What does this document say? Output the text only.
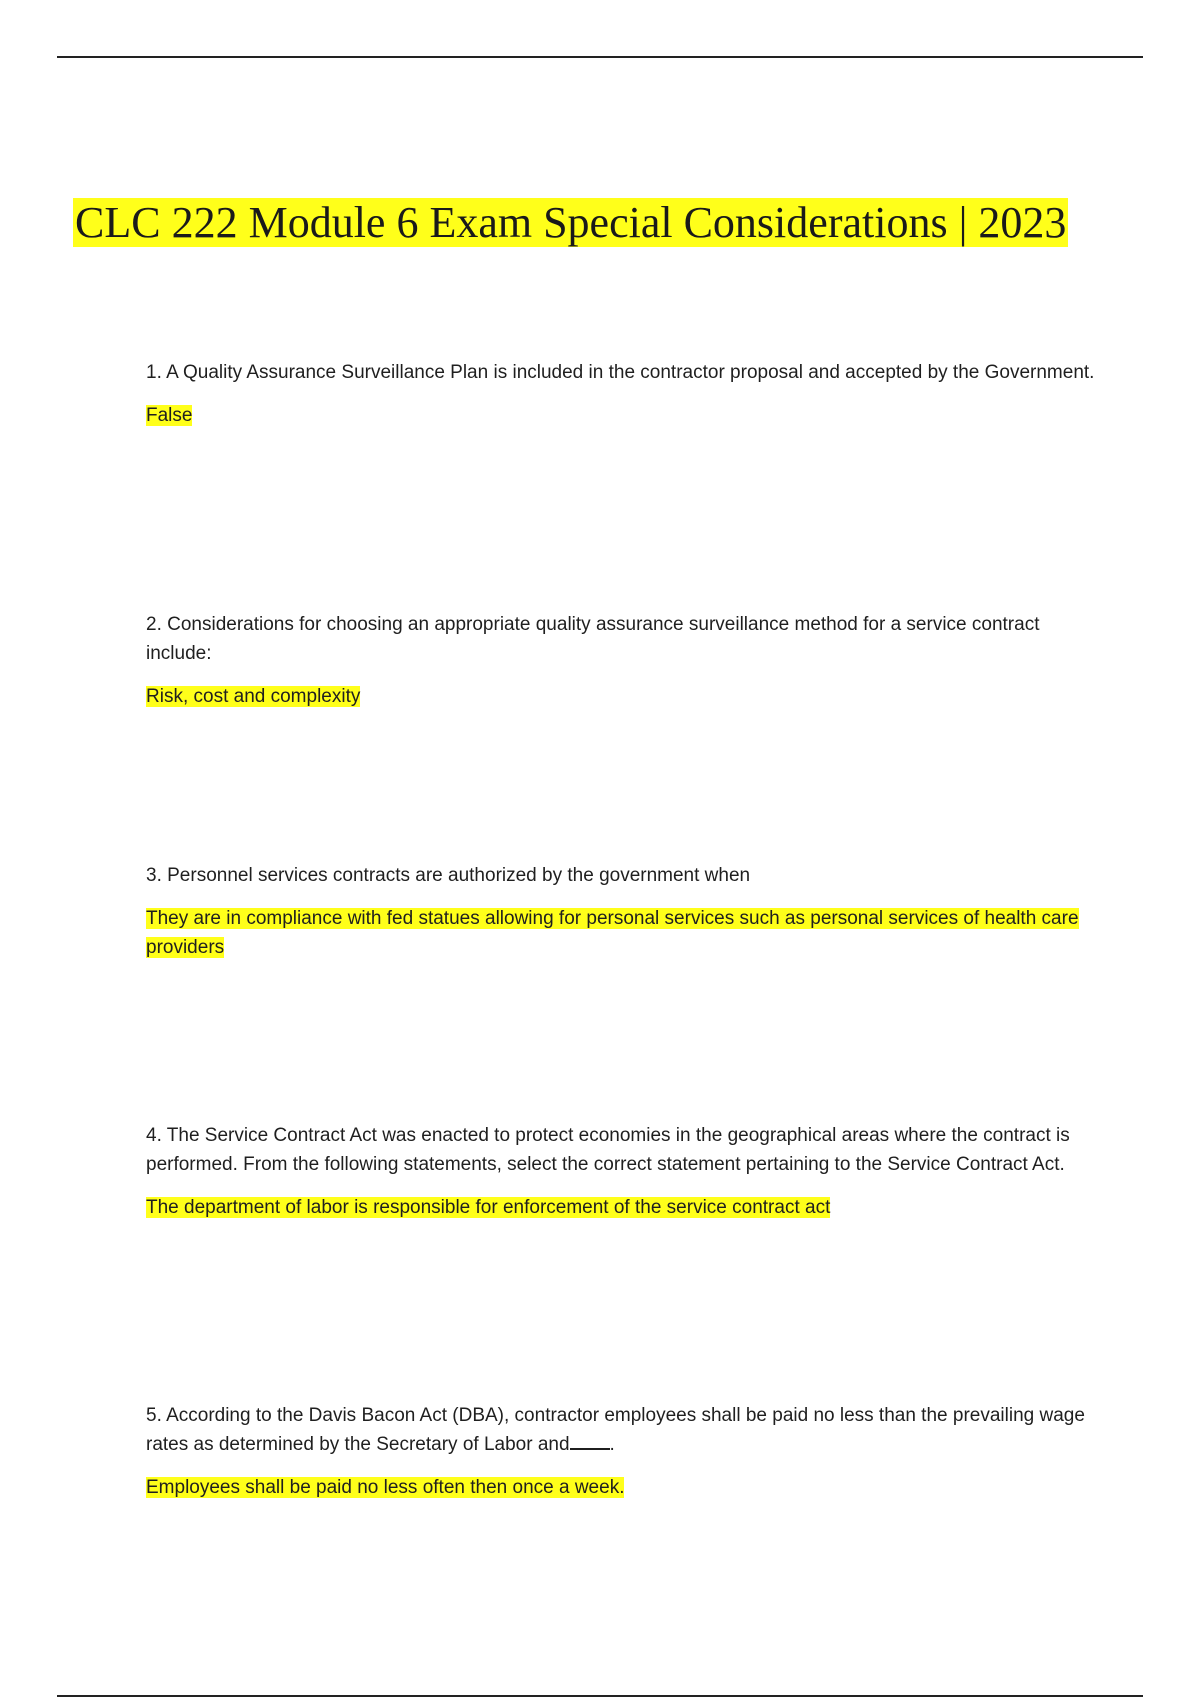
CLC 222 Module 6 Exam Special Considerations | 2023

1. A Quality Assurance Surveillance Plan is included in the contractor proposal and accepted by the Government.

False

2. Considerations for choosing an appropriate quality assurance surveillance method for a service contract include:

Risk, cost and complexity

3. Personnel services contracts are authorized by the government when

They are in compliance with fed statues allowing for personal services such as personal services of health care providers

4. The Service Contract Act was enacted to protect economies in the geographical areas where the contract is performed. From the following statements, select the correct statement pertaining to the Service Contract Act.

The department of labor is responsible for enforcement of the service contract act

5. According to the Davis Bacon Act (DBA), contractor employees shall be paid no less than the prevailing wage rates as determined by the Secretary of Labor and .

Employees shall be paid no less often then once a week.
